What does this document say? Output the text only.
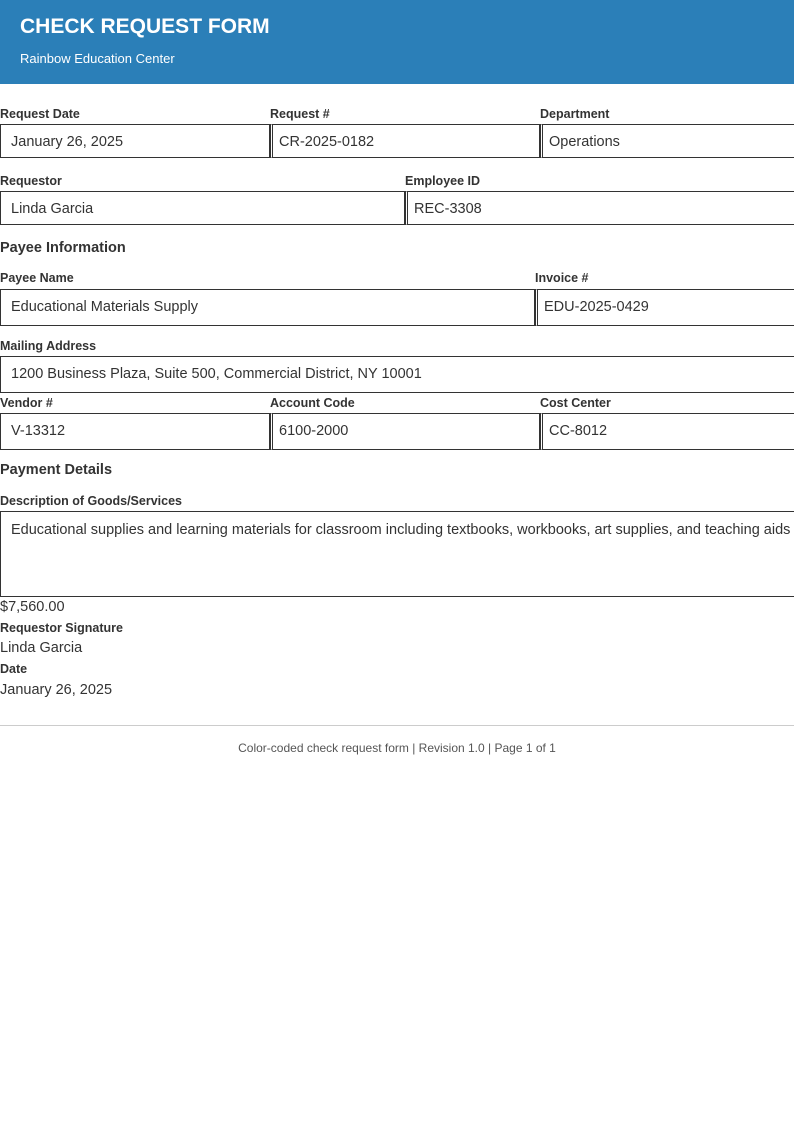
CHECK REQUEST FORM
Rainbow Education Center
Request Date	Request #	Department
January 26, 2025	CR-2025-0182	Operations
Requestor	Employee ID
Linda Garcia	REC-3308
Payee Information
Payee Name	Invoice #
Educational Materials Supply	EDU-2025-0429
Mailing Address
1200 Business Plaza, Suite 500, Commercial District, NY 10001
Vendor #	Account Code	Cost Center
V-13312	6100-2000	CC-8012
Payment Details
Description of Goods/Services
Educational supplies and learning materials for classroom including textbooks, workbooks, art supplies, and teaching aids
$7,560.00
Requestor Signature
Linda Garcia
Date
January 26, 2025
Color-coded check request form | Revision 1.0 | Page 1 of 1
